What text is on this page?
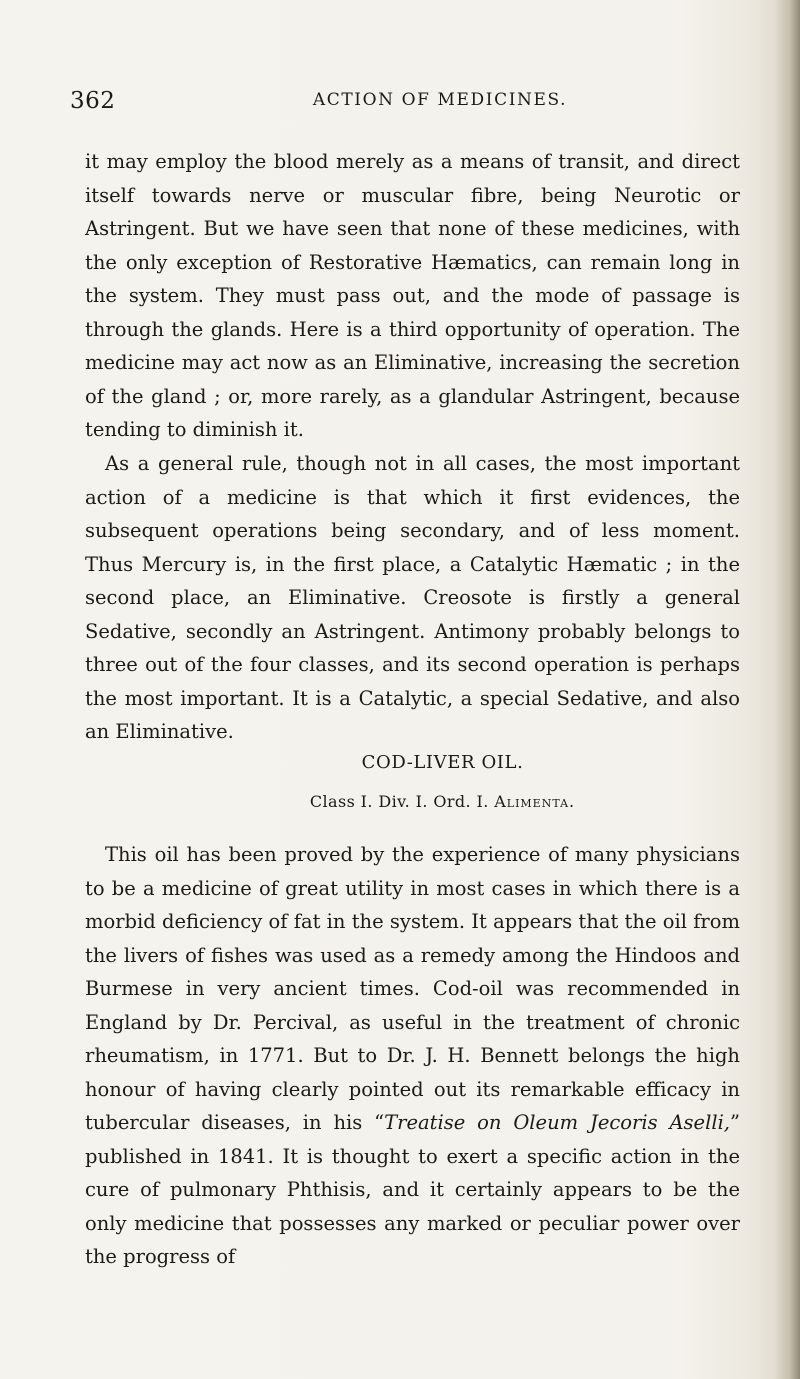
362	ACTION OF MEDICINES.

it may employ the blood merely as a means of transit, and direct itself towards nerve or muscular fibre, being Neurotic or Astringent. But we have seen that none of these medicines, with the only exception of Restorative Hæmatics, can remain long in the system. They must pass out, and the mode of passage is through the glands. Here is a third opportunity of operation. The medicine may act now as an Eliminative, increasing the secretion of the gland ; or, more rarely, as a glandular Astringent, because tending to diminish it.

As a general rule, though not in all cases, the most important action of a medicine is that which it first evidences, the subsequent operations being secondary, and of less moment. Thus Mercury is, in the first place, a Catalytic Hæmatic ; in the second place, an Eliminative. Creosote is firstly a general Sedative, secondly an Astringent. Antimony probably belongs to three out of the four classes, and its second operation is perhaps the most important. It is a Catalytic, a special Sedative, and also an Eliminative.

COD-LIVER OIL.
Class I. Div. I. Ord. I. Alimenta.

This oil has been proved by the experience of many physicians to be a medicine of great utility in most cases in which there is a morbid deficiency of fat in the system. It appears that the oil from the livers of fishes was used as a remedy among the Hindoos and Burmese in very ancient times. Cod-oil was recommended in England by Dr. Percival, as useful in the treatment of chronic rheumatism, in 1771. But to Dr. J. H. Bennett belongs the high honour of having clearly pointed out its remarkable efficacy in tubercular diseases, in his “Treatise on Oleum Jecoris Aselli,” published in 1841. It is thought to exert a specific action in the cure of pulmonary Phthisis, and it certainly appears to be the only medicine that possesses any marked or peculiar power over the progress of
